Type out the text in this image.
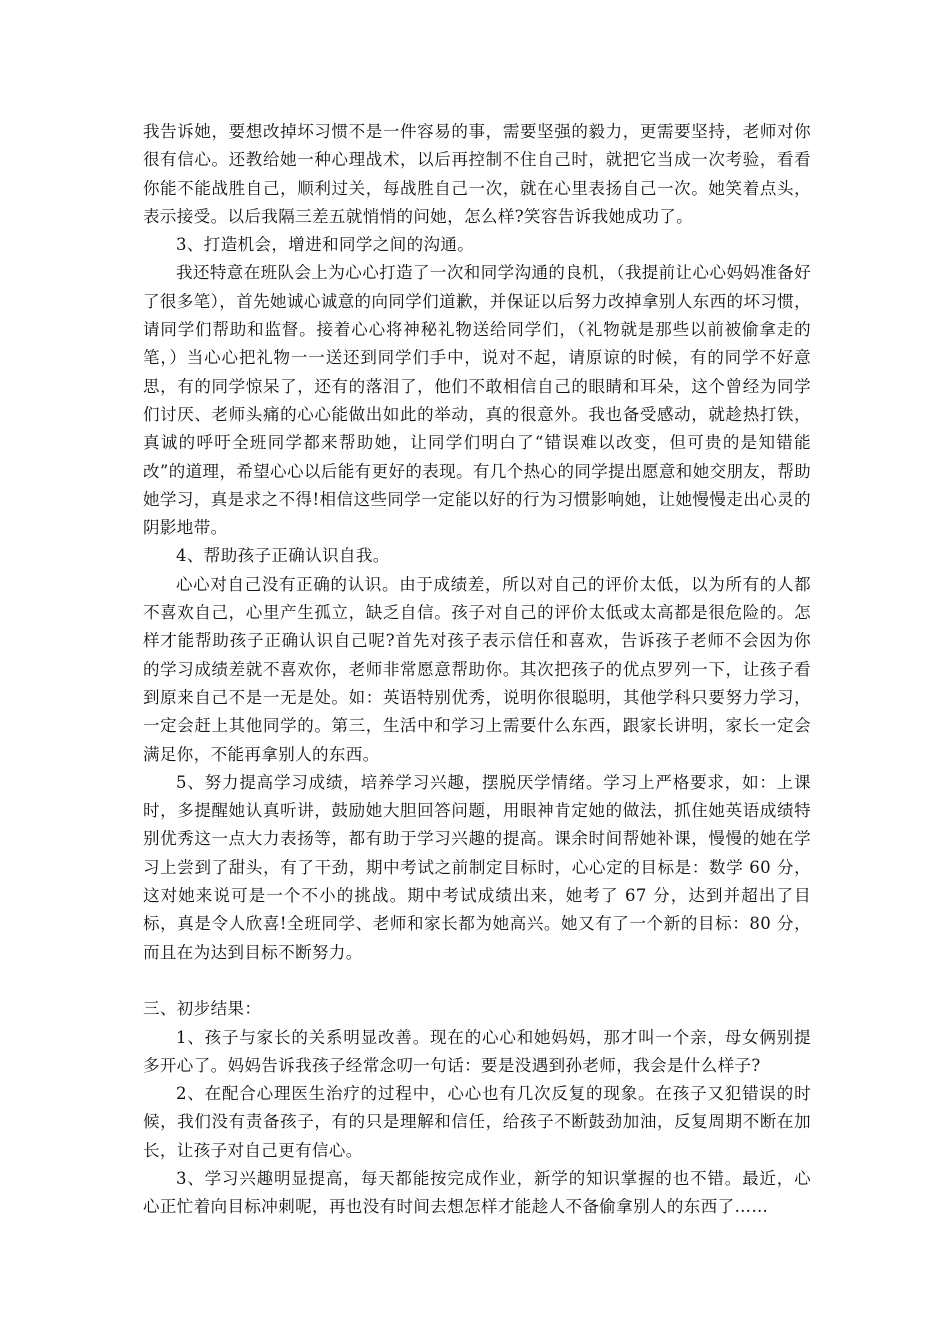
我告诉她，要想改掉坏习惯不是一件容易的事，需要坚强的毅力，更需要坚持，老师对你很有信心。还教给她一种心理战术，以后再控制不住自己时，就把它当成一次考验，看看你能不能战胜自己，顺利过关，每战胜自己一次，就在心里表扬自己一次。她笑着点头，表示接受。以后我隔三差五就悄悄的问她，怎么样?笑容告诉我她成功了。

3、打造机会，增进和同学之间的沟通。

我还特意在班队会上为心心打造了一次和同学沟通的良机，（我提前让心心妈妈准备好了很多笔），首先她诚心诚意的向同学们道歉，并保证以后努力改掉拿别人东西的坏习惯，请同学们帮助和监督。接着心心将神秘礼物送给同学们，（礼物就是那些以前被偷拿走的笔，）当心心把礼物一一送还到同学们手中，说对不起，请原谅的时候，有的同学不好意思，有的同学惊呆了，还有的落泪了，他们不敢相信自己的眼睛和耳朵，这个曾经为同学们讨厌、老师头痛的心心能做出如此的举动，真的很意外。我也备受感动，就趁热打铁，真诚的呼吁全班同学都来帮助她，让同学们明白了“错误难以改变，但可贵的是知错能改”的道理，希望心心以后能有更好的表现。有几个热心的同学提出愿意和她交朋友，帮助她学习，真是求之不得!相信这些同学一定能以好的行为习惯影响她，让她慢慢走出心灵的阴影地带。

4、帮助孩子正确认识自我。

心心对自己没有正确的认识。由于成绩差，所以对自己的评价太低，以为所有的人都不喜欢自己，心里产生孤立，缺乏自信。孩子对自己的评价太低或太高都是很危险的。怎样才能帮助孩子正确认识自己呢?首先对孩子表示信任和喜欢，告诉孩子老师不会因为你的学习成绩差就不喜欢你，老师非常愿意帮助你。其次把孩子的优点罗列一下，让孩子看到原来自己不是一无是处。如：英语特别优秀，说明你很聪明，其他学科只要努力学习，一定会赶上其他同学的。第三，生活中和学习上需要什么东西，跟家长讲明，家长一定会满足你，不能再拿别人的东西。

5、努力提高学习成绩，培养学习兴趣，摆脱厌学情绪。学习上严格要求，如：上课时，多提醒她认真听讲，鼓励她大胆回答问题，用眼神肯定她的做法，抓住她英语成绩特别优秀这一点大力表扬等，都有助于学习兴趣的提高。课余时间帮她补课，慢慢的她在学习上尝到了甜头，有了干劲，期中考试之前制定目标时，心心定的目标是：数学 60 分，这对她来说可是一个不小的挑战。期中考试成绩出来，她考了 67 分，达到并超出了目标，真是令人欣喜!全班同学、老师和家长都为她高兴。她又有了一个新的目标：80 分，而且在为达到目标不断努力。

三、初步结果：

1、孩子与家长的关系明显改善。现在的心心和她妈妈，那才叫一个亲，母女俩别提多开心了。妈妈告诉我孩子经常念叨一句话：要是没遇到孙老师，我会是什么样子?

2、在配合心理医生治疗的过程中，心心也有几次反复的现象。在孩子又犯错误的时候，我们没有责备孩子，有的只是理解和信任，给孩子不断鼓劲加油，反复周期不断在加长，让孩子对自己更有信心。

3、学习兴趣明显提高，每天都能按完成作业，新学的知识掌握的也不错。最近，心心正忙着向目标冲刺呢，再也没有时间去想怎样才能趁人不备偷拿别人的东西了……
